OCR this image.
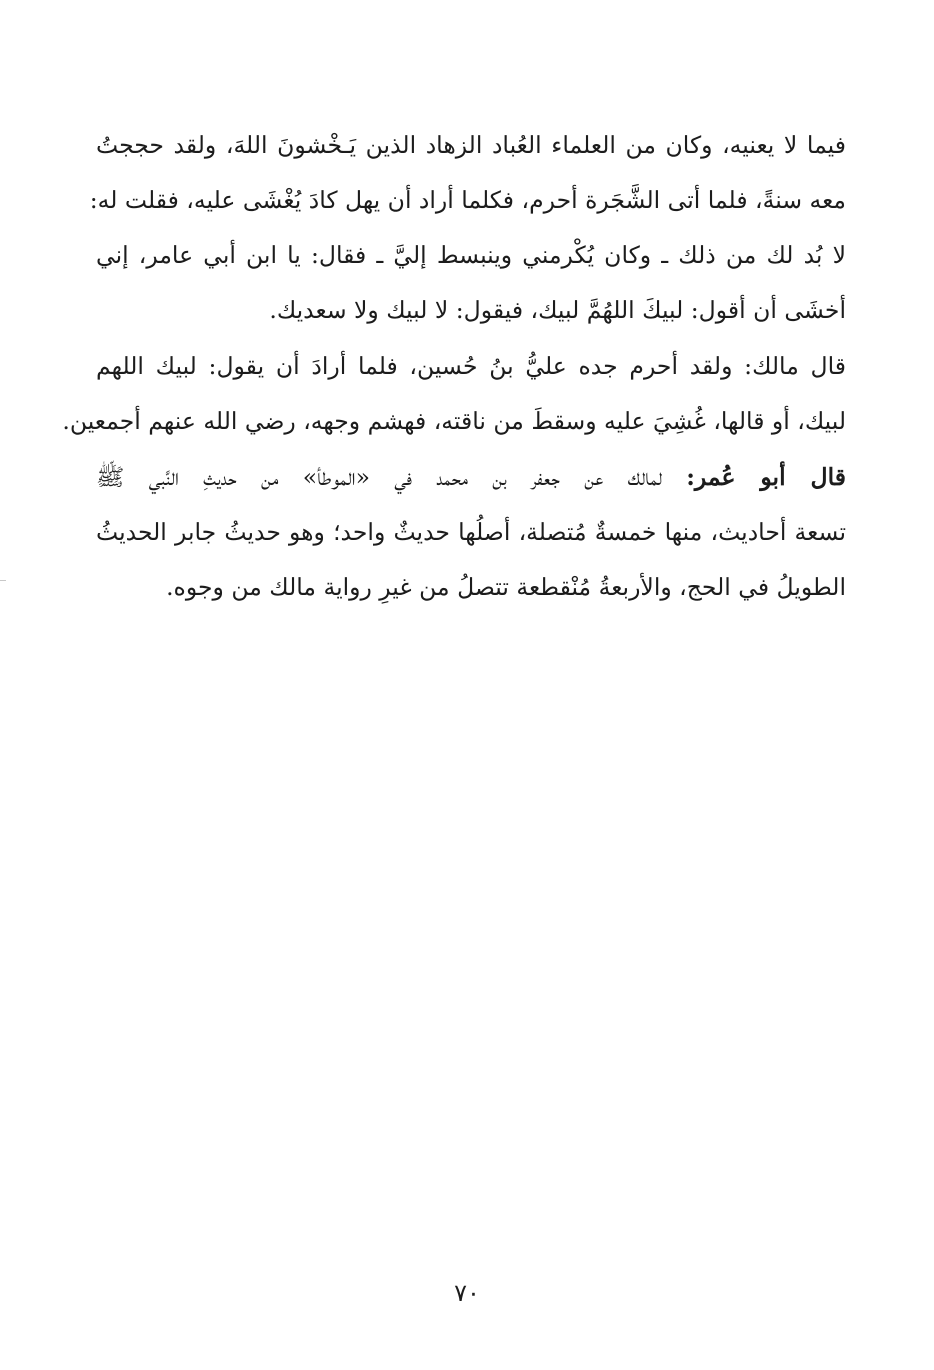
فيما لا يعنيه، وكان من العلماء العُباد الزهاد الذين يَـخْشونَ اللهَ، ولقد حججتُ
معه سنةً، فلما أتى الشَّجَرة أحرم، فكلما أراد أن يهل كادَ يُغْشَى عليه، فقلت له:
لا بُد لك من ذلك ـ وكان يُكْرمني وينبسط إليَّ ـ فقال: يا ابن أبي عامر، إني
أخشَى أن أقول: لبيكَ اللهُمَّ لبيك، فيقول: لا لبيك ولا سعديك.
قال مالك: ولقد أحرم جده عليُّ بنُ حُسين، فلما أرادَ أن يقول: لبيك اللهم
لبيك، أو قالها، غُشِيَ عليه وسقطَ من ناقته، فهشم وجهه، رضي الله عنهم أجمعين.
قال أبو عُمر: لمالك عن جعفر بن محمد في «الموطأ» من حديثِ النَّبي ﷺ
تسعة أحاديث، منها خمسةٌ مُتصلة، أصلُها حديثٌ واحد؛ وهو حديثُ جابر الحديثُ
الطويلُ في الحج، والأربعةُ مُنْقطعة تتصلُ من غيرِ رواية مالك من وجوه.
٧٠
